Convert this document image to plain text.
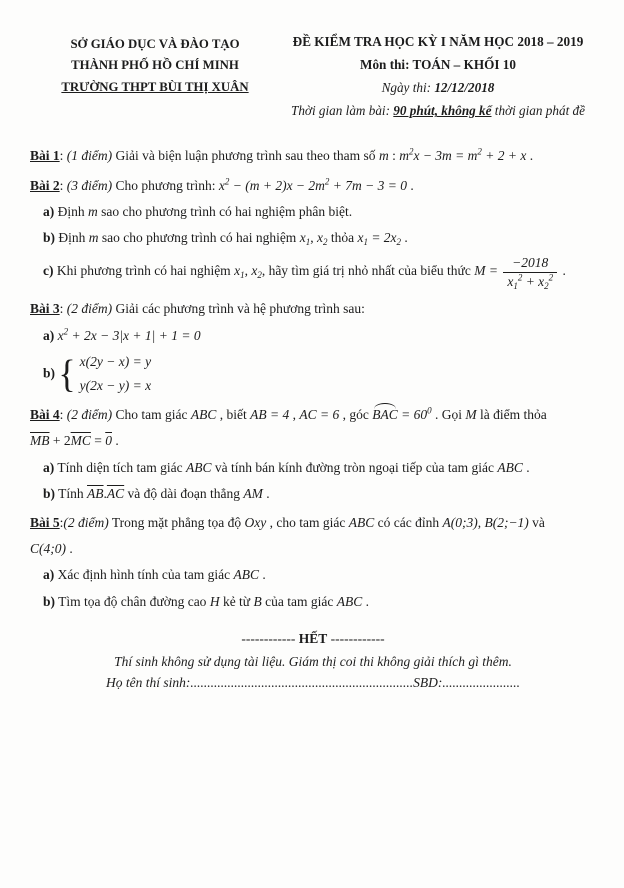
SỞ GIÁO DỤC VÀ ĐÀO TẠO
THÀNH PHỐ HỒ CHÍ MINH
TRƯỜNG THPT BÙI THỊ XUÂN
ĐỀ KIỂM TRA HỌC KỲ I NĂM HỌC 2018 – 2019
Môn thi: TOÁN – KHỐI 10
Ngày thi: 12/12/2018
Thời gian làm bài: 90 phút, không kể thời gian phát đề
Bài 1: (1 điểm) Giải và biện luận phương trình sau theo tham số m : $m^2x - 3m = m^2 + 2 + x$ .
Bài 2: (3 điểm) Cho phương trình: $x^2 - (m + 2)x - 2m^2 + 7m - 3 = 0$ .
a) Định m sao cho phương trình có hai nghiệm phân biệt.
b) Định m sao cho phương trình có hai nghiệm $x_1$, $x_2$ thỏa $x_1 = 2x_2$ .
c) Khi phương trình có hai nghiệm $x_1$, $x_2$, hãy tìm giá trị nhỏ nhất của biểu thức $M = \frac{-2018}{x_1^2 + x_2^2}$ .
Bài 3: (2 điểm) Giải các phương trình và hệ phương trình sau:
a) $x^2 + 2x - 3|x + 1| + 1 = 0$
b) { x(2y − x) = y
y(2x − y) = x
Bài 4: (2 điểm) Cho tam giác ABC , biết AB = 4 , AC = 6 , góc BAC = $60^0$ . Gọi M là điểm thỏa
$\overline{MB} + 2\overline{MC} = 0$ .
a) Tính diện tích tam giác ABC và tính bán kính đường tròn ngoại tiếp của tam giác ABC .
b) Tính $\overline{AB}.\overline{AC}$ và độ dài đoạn thẳng AM .
Bài 5:(2 điểm) Trong mặt phẳng tọa độ Oxy , cho tam giác ABC có các đỉnh A(0;3), B(2;−1) và
C(4;0) .
a) Xác định hình tính của tam giác ABC .
b) Tìm tọa độ chân đường cao H kẻ từ B của tam giác ABC .
------------ HẾT ------------
Thí sinh không sử dụng tài liệu. Giám thị coi thi không giải thích gì thêm.
Họ tên thí sinh:..................................................................SBD:.......................
